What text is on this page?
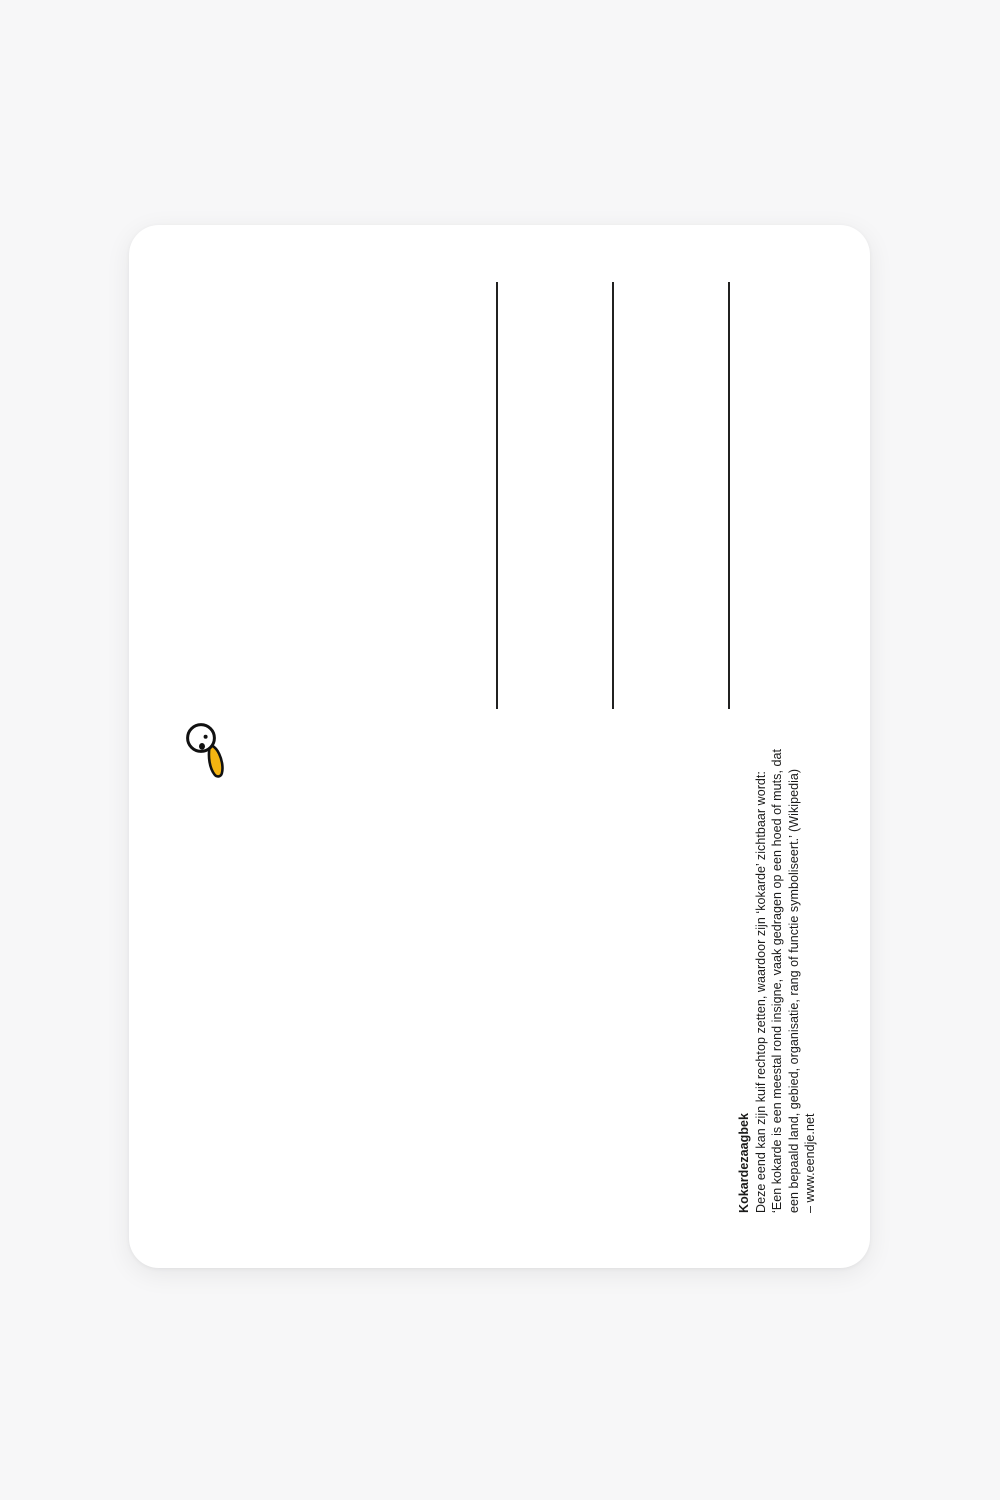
Kokardezaagbek Deze eend kan zijn kuif rechtop zetten, waardoor zijn ‘kokarde’ zichtbaar wordt: ‘Een kokarde is een meestal rond insigne, vaak gedragen op een hoed of muts, dat een bepaald land, gebied, organisatie, rang of functie symboliseert.’ (Wikipedia) – www.eendje.net
